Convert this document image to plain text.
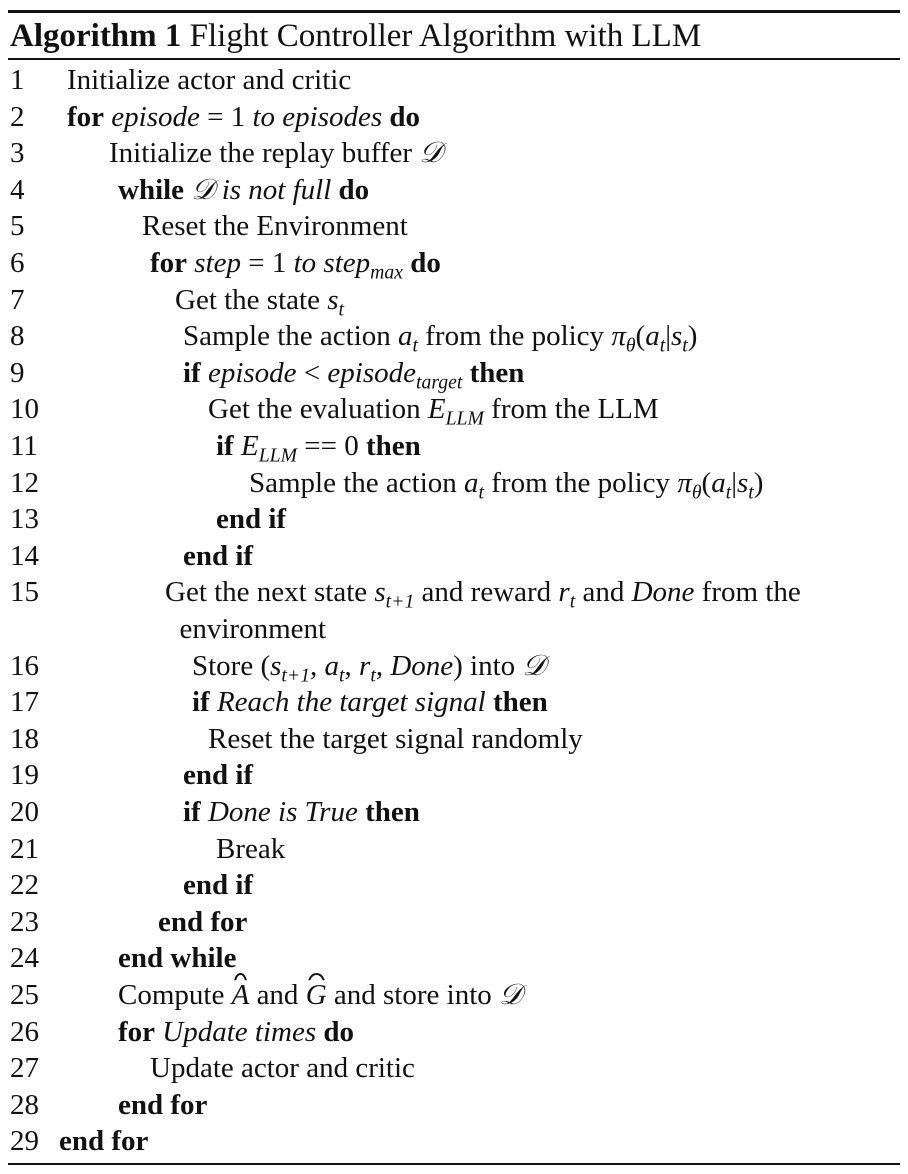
Algorithm 1 Flight Controller Algorithm with LLM
1 Initialize actor and critic
2 for episode = 1 to episodes do
3	Initialize the replay buffer 𝒟
4	while 𝒟 is not full do
5	Reset the Environment
6	for step = 1 to step$_{max}$ do
7	Get the state $s_t$
8	Sample the action $a_t$ from the policy $\pi_\theta(a_t|s_t)$
9	if episode < episode$_{target}$ then
10	Get the evaluation $E_{LLM}$ from the LLM
11	if $E_{LLM} == 0$ then
12	Sample the action $a_t$ from the policy $\pi_\theta(a_t|s_t)$
13	end if
14	end if
15	Get the next state $s_{t+1}$ and reward $r_t$ and Done from the
environment
16	Store ($s_{t+1}$, $a_t$, $r_t$, Done) into 𝒟
17	if Reach the target signal then
18	Reset the target signal randomly
19	end if
20	if Done is True then
21	Break
22	end if
23	end for
24	end while
25	Compute A and G and store into 𝒟
26	for Update times do
27	Update actor and critic
28	end for
29 end for
